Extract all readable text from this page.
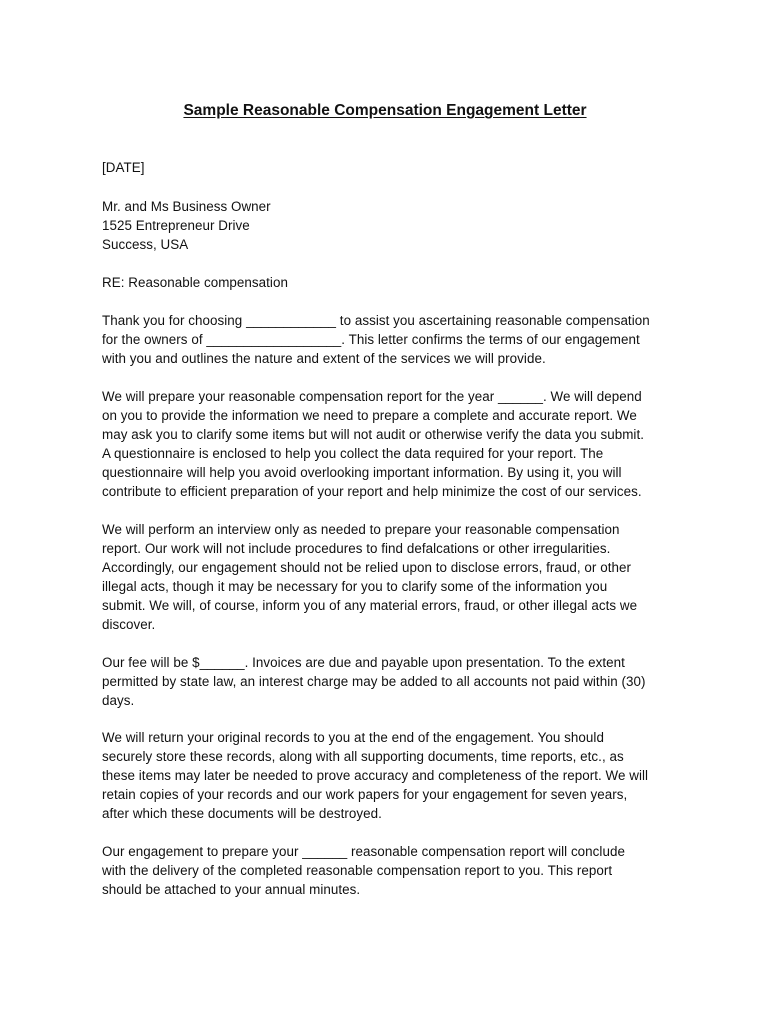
Sample Reasonable Compensation Engagement Letter

[DATE]

Mr. and Ms Business Owner
1525 Entrepreneur Drive
Success, USA

RE: Reasonable compensation

Thank you for choosing ____________ to assist you ascertaining reasonable compensation
for the owners of __________________. This letter confirms the terms of our engagement
with you and outlines the nature and extent of the services we will provide.

We will prepare your reasonable compensation report for the year ______. We will depend
on you to provide the information we need to prepare a complete and accurate report. We
may ask you to clarify some items but will not audit or otherwise verify the data you submit.
A questionnaire is enclosed to help you collect the data required for your report. The
questionnaire will help you avoid overlooking important information. By using it, you will
contribute to efficient preparation of your report and help minimize the cost of our services.

We will perform an interview only as needed to prepare your reasonable compensation
report. Our work will not include procedures to find defalcations or other irregularities.
Accordingly, our engagement should not be relied upon to disclose errors, fraud, or other
illegal acts, though it may be necessary for you to clarify some of the information you
submit. We will, of course, inform you of any material errors, fraud, or other illegal acts we
discover.

Our fee will be $______. Invoices are due and payable upon presentation. To the extent
permitted by state law, an interest charge may be added to all accounts not paid within (30)
days.

We will return your original records to you at the end of the engagement. You should
securely store these records, along with all supporting documents, time reports, etc., as
these items may later be needed to prove accuracy and completeness of the report. We will
retain copies of your records and our work papers for your engagement for seven years,
after which these documents will be destroyed.

Our engagement to prepare your ______ reasonable compensation report will conclude
with the delivery of the completed reasonable compensation report to you. This report
should be attached to your annual minutes.
